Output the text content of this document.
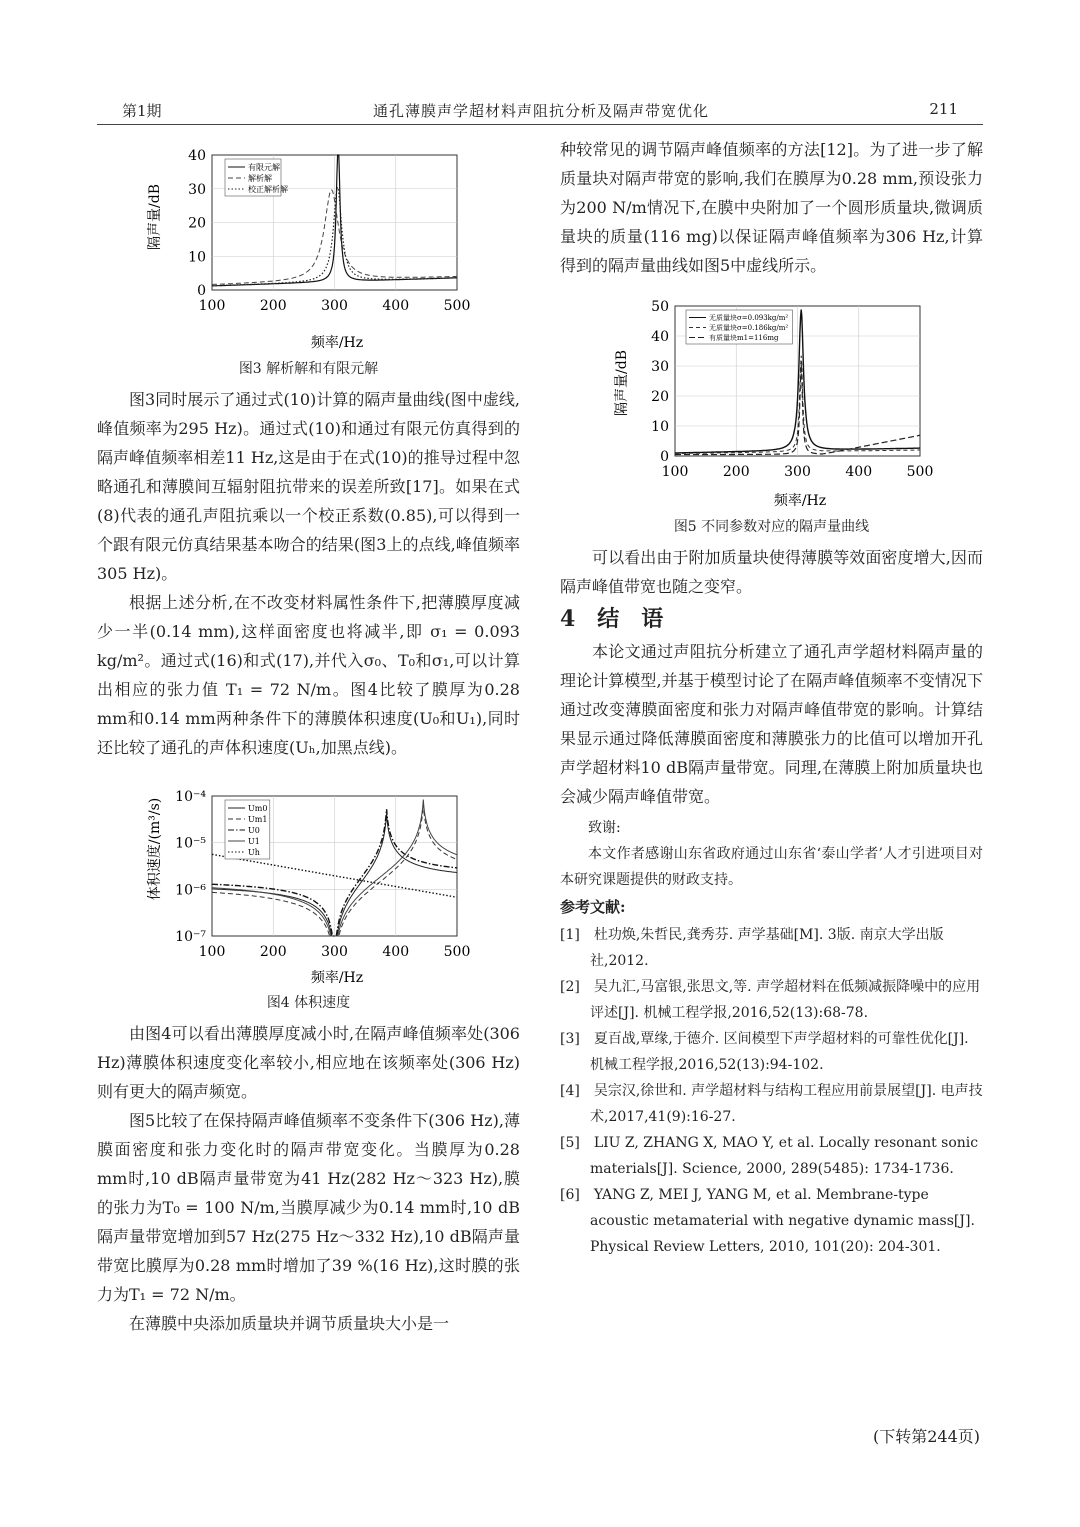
第1期	通孔薄膜声学超材料声阻抗分析及隔声带宽优化	211
隔声量/dB
100 200 300 400 500
0
10
20
30
40
有限元解
解析解
校正解析解
频率/Hz
图3 解析解和有限元解

图3同时展示了通过式(10)计算的隔声量曲线(图中虚线,峰值频率为295 Hz)。通过式(10)和通过有限元仿真得到的隔声峰值频率相差11 Hz,这是由于在式(10)的推导过程中忽略通孔和薄膜间互辐射阻抗带来的误差所致[17]。如果在式(8)代表的通孔声阻抗乘以一个校正系数(0.85),可以得到一个跟有限元仿真结果基本吻合的结果(图3上的点线,峰值频率305 Hz)。

根据上述分析,在不改变材料属性条件下,把薄膜厚度减少一半(0.14 mm),这样面密度也将减半,即 σ₁ = 0.093 kg/m²。通过式(16)和式(17),并代入σ₀、T₀和σ₁,可以计算出相应的张力值 T₁ = 72 N/m。图4比较了膜厚为0.28 mm和0.14 mm两种条件下的薄膜体积速度(U₀和U₁),同时还比较了通孔的声体积速度(Uₕ,加黑点线)。

体积速度/(m³/s)
100 200 300 400 500
10⁻⁴
10⁻⁵
10⁻⁶
10⁻⁷
Um0
Um1
U0
U1
Uh
频率/Hz
图4 体积速度

由图4可以看出薄膜厚度减小时,在隔声峰值频率处(306 Hz)薄膜体积速度变化率较小,相应地在该频率处(306 Hz)则有更大的隔声频宽。

图5比较了在保持隔声峰值频率不变条件下(306 Hz),薄膜面密度和张力变化时的隔声带宽变化。当膜厚为0.28 mm时,10 dB隔声量带宽为41 Hz(282 Hz～323 Hz),膜的张力为T₀ = 100 N/m,当膜厚减少为0.14 mm时,10 dB隔声量带宽增加到57 Hz(275 Hz～332 Hz),10 dB隔声量带宽比膜厚为0.28 mm时增加了39 %(16 Hz),这时膜的张力为T₁ = 72 N/m。

在薄膜中央添加质量块并调节质量块大小是一

种较常见的调节隔声峰值频率的方法[12]。为了进一步了解质量块对隔声带宽的影响,我们在膜厚为0.28 mm,预设张力为200 N/m情况下,在膜中央附加了一个圆形质量块,微调质量块的质量(116 mg)以保证隔声峰值频率为306 Hz,计算得到的隔声量曲线如图5中虚线所示。

隔声量/dB
100 200 300 400 500
0
10
20
30
40
50
无质量块σ=0.093kg/m²
无质量块σ=0.186kg/m²
有质量块m1=116mg
频率/Hz
图5 不同参数对应的隔声量曲线

可以看出由于附加质量块使得薄膜等效面密度增大,因而隔声峰值带宽也随之变窄。

4　结　语

本论文通过声阻抗分析建立了通孔声学超材料隔声量的理论计算模型,并基于模型讨论了在隔声峰值频率不变情况下通过改变薄膜面密度和张力对隔声峰值带宽的影响。计算结果显示通过降低薄膜面密度和薄膜张力的比值可以增加开孔声学超材料10 dB隔声量带宽。同理,在薄膜上附加质量块也会减少隔声峰值带宽。

致谢:

本文作者感谢山东省政府通过山东省‘泰山学者’人才引进项目对本研究课题提供的财政支持。

参考文献:

[1]　杜功焕,朱哲民,龚秀芬. 声学基础[M]. 3版. 南京大学出版社,2012.

[2]　吴九汇,马富银,张思文,等. 声学超材料在低频减振降噪中的应用评述[J]. 机械工程学报,2016,52(13):68-78.

[3]　夏百战,覃缘,于德介. 区间模型下声学超材料的可靠性优化[J]. 机械工程学报,2016,52(13):94-102.

[4]　吴宗汉,徐世和. 声学超材料与结构工程应用前景展望[J]. 电声技术,2017,41(9):16-27.

[5]　LIU Z, ZHANG X, MAO Y, et al. Locally resonant sonic materials[J]. Science, 2000, 289(5485): 1734-1736.

[6]　YANG Z, MEI J, YANG M, et al. Membrane-type acoustic metamaterial with negative dynamic mass[J]. Physical Review Letters, 2010, 101(20): 204-301.

(下转第244页)
